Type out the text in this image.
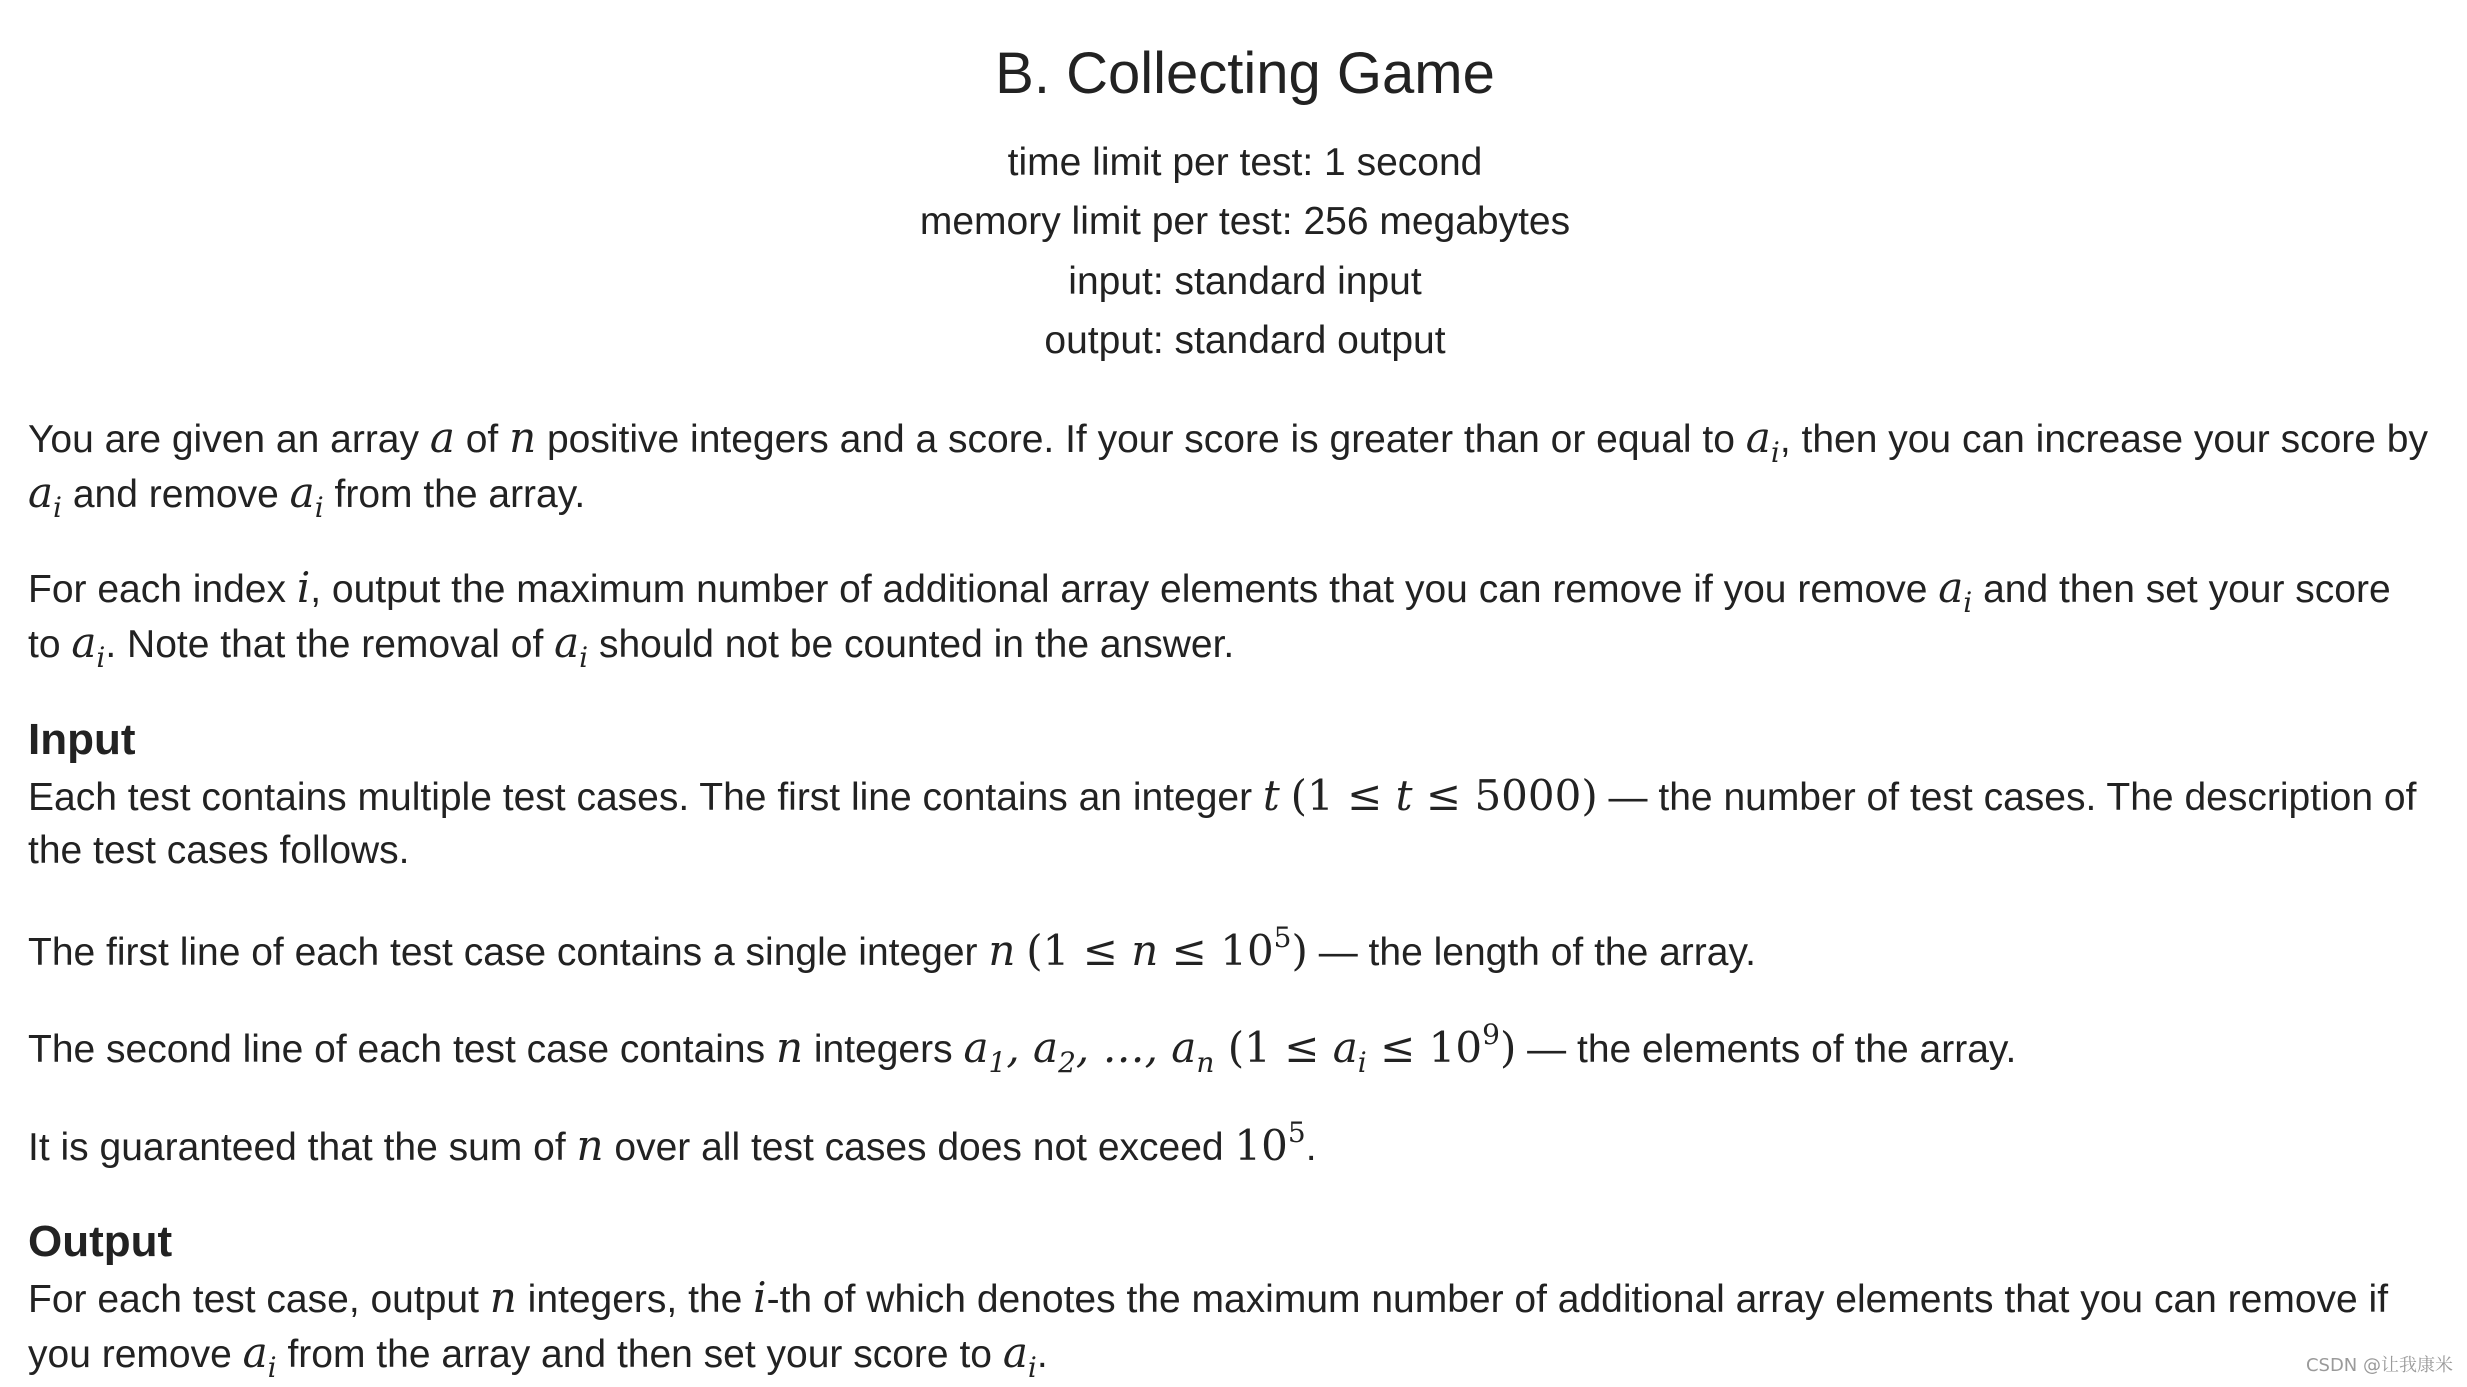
B. Collecting Game
time limit per test: 1 second
memory limit per test: 256 megabytes
input: standard input
output: standard output
You are given an array a of n positive integers and a score. If your score is greater than or equal to $a_i$, then you can increase your score by
$a_i$ and remove $a_i$ from the array.
For each index i, output the maximum number of additional array elements that you can remove if you remove $a_i$ and then set your score
to $a_i$. Note that the removal of $a_i$ should not be counted in the answer.
Input
Each test contains multiple test cases. The first line contains an integer t (1 ≤ t ≤ 5000) — the number of test cases. The description of
the test cases follows.
The first line of each test case contains a single integer n $(1 \le n \le 10^5)$ — the length of the array.
The second line of each test case contains n integers $a_1$, $a_2$, …, $a_n$ $(1 \le a_i \le 10^9)$ — the elements of the array.
It is guaranteed that the sum of n over all test cases does not exceed $10^5$.
Output
For each test case, output n integers, the i-th of which denotes the maximum number of additional array elements that you can remove if
you remove $a_i$ from the array and then set your score to $a_i$.	CSDN @让我康米
